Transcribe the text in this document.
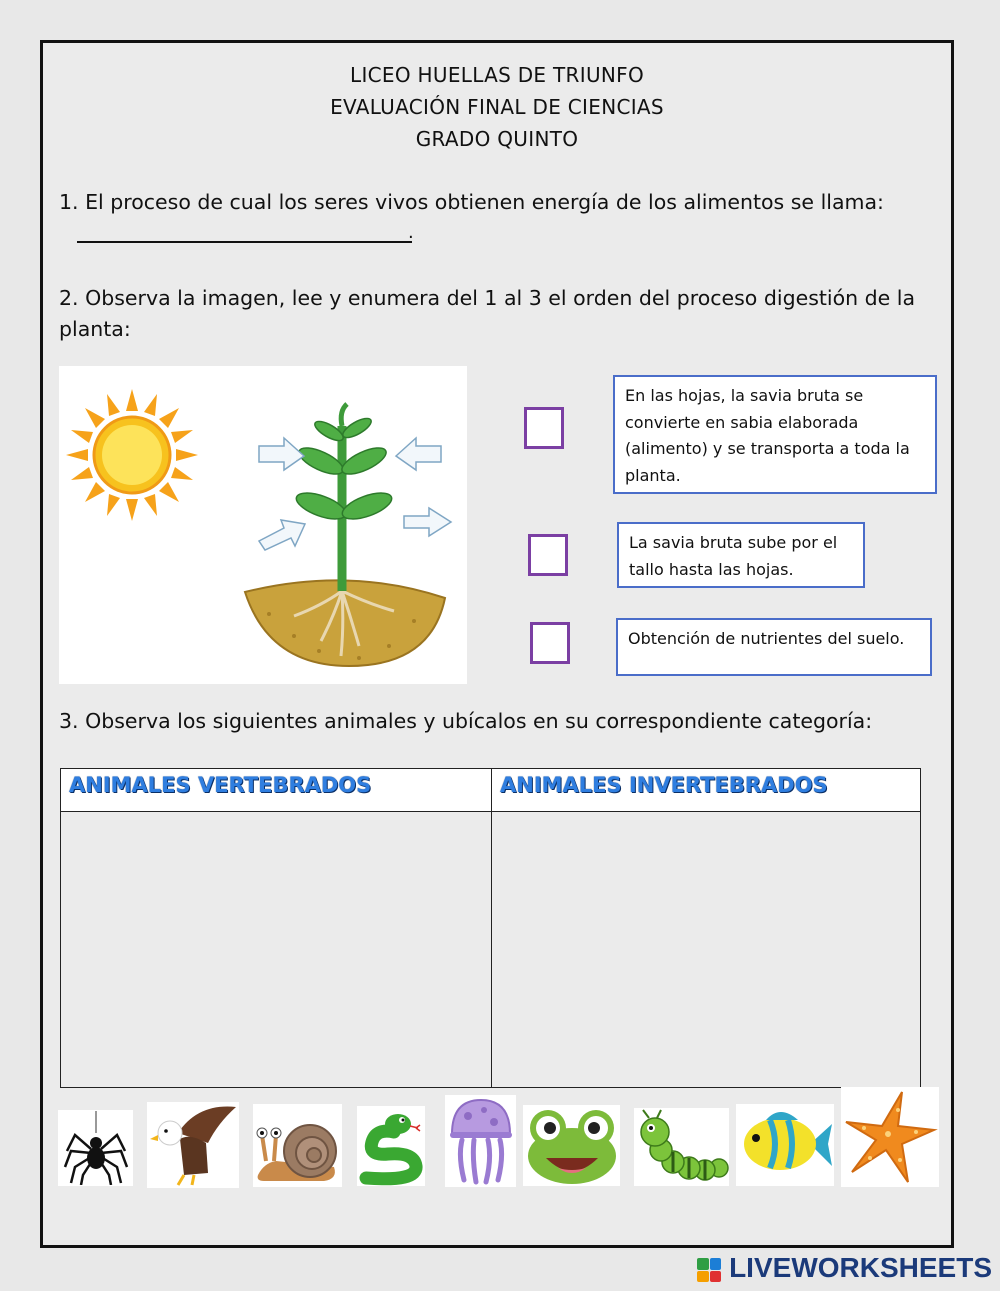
LICEO HUELLAS DE TRIUNFO
EVALUACIÓN FINAL DE CIENCIAS
GRADO QUINTO
1. El proceso de cual los seres vivos obtienen energía de los alimentos se llama:
.
2. Observa la imagen, lee y enumera del 1 al 3 el orden del proceso digestión de la
planta:
En las hojas, la savia bruta se convierte en sabia elaborada (alimento) y se transporta a toda la planta.
La savia bruta sube por el tallo hasta las hojas.
Obtención de nutrientes del suelo.
3. Observa los siguientes animales y ubícalos en su correspondiente categoría:
ANIMALES VERTEBRADOS	ANIMALES INVERTEBRADOS
LIVEWORKSHEETS
